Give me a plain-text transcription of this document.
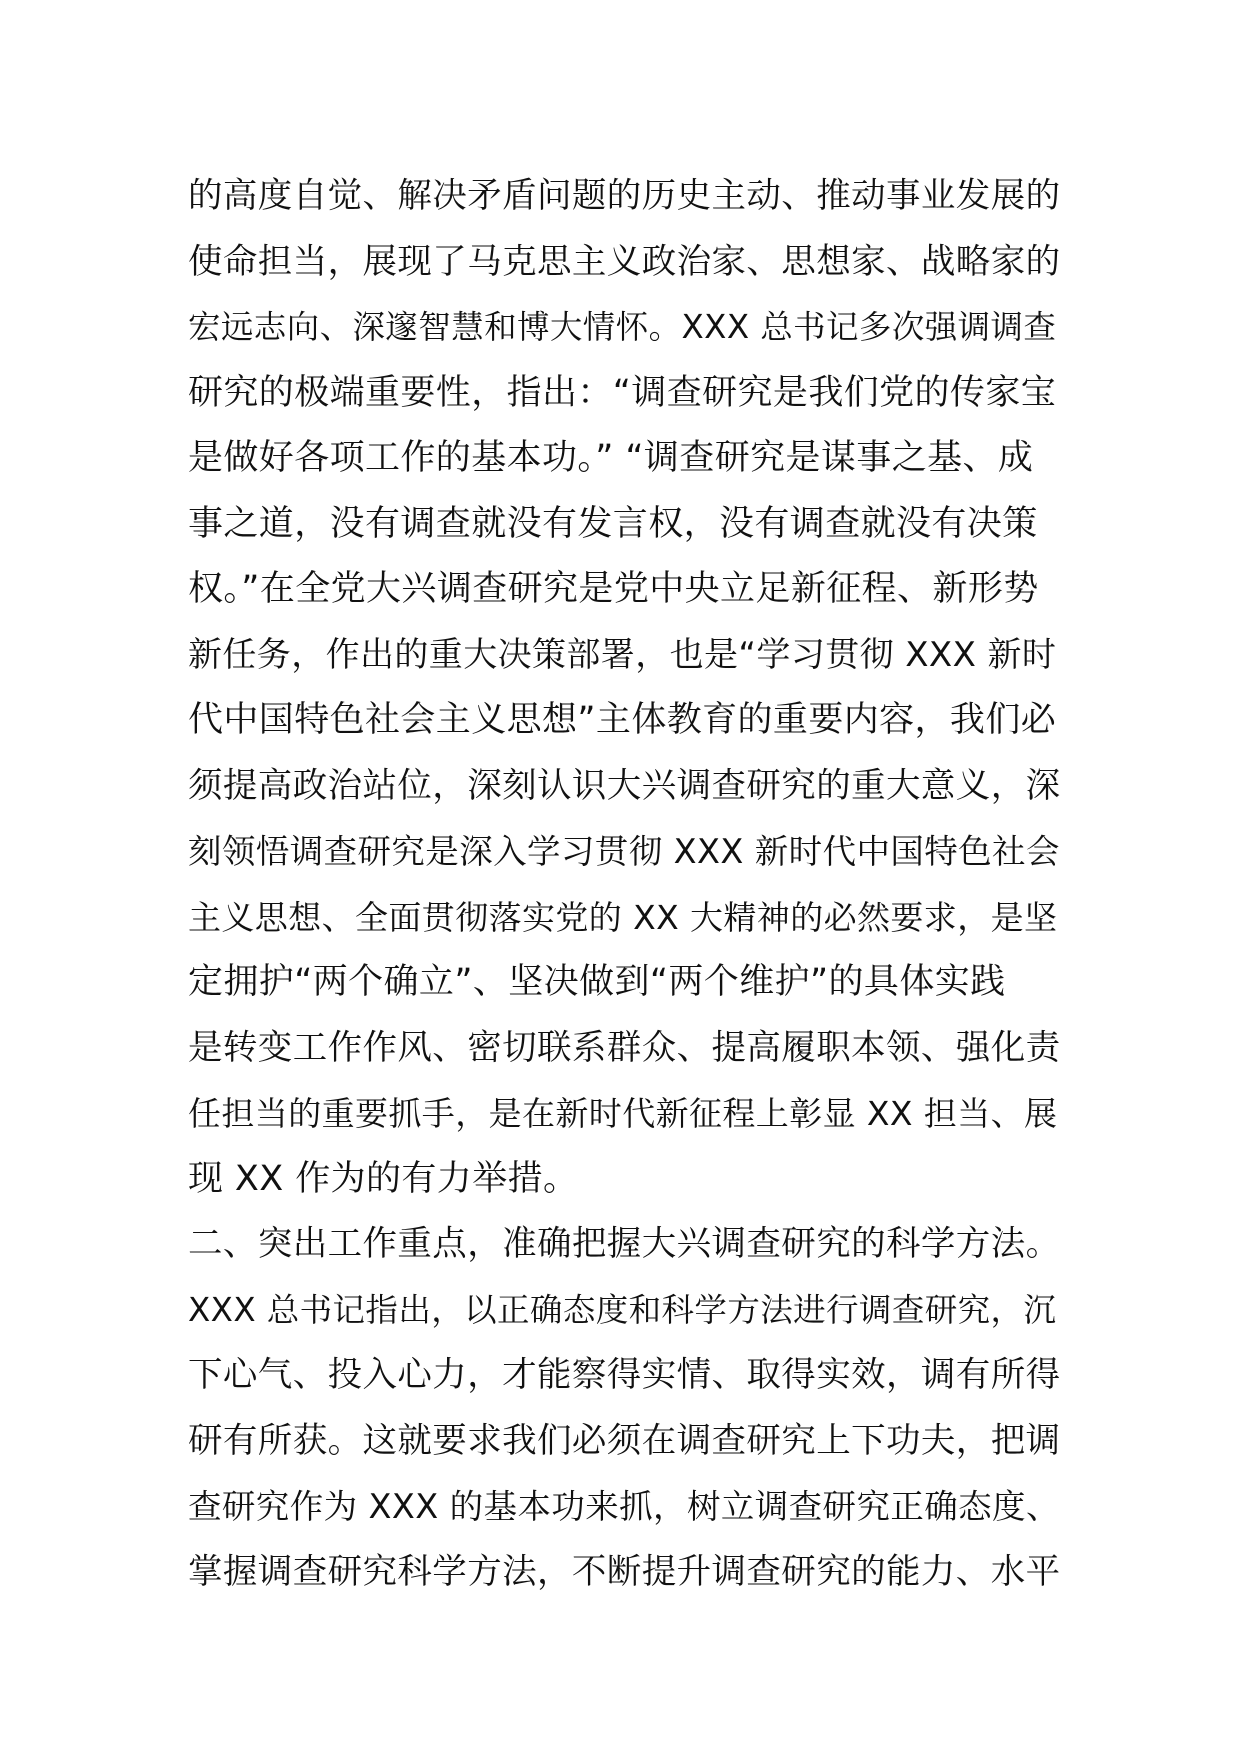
的高度自觉、解决矛盾问题的历史主动、推动事业发展的
使命担当，展现了马克思主义政治家、思想家、战略家的
宏远志向、深邃智慧和博大情怀。XXX 总书记多次强调调查
研究的极端重要性，指出：“调查研究是我们党的传家宝
是做好各项工作的基本功。” “调查研究是谋事之基、成
事之道，没有调查就没有发言权，没有调查就没有决策
权。”在全党大兴调查研究是党中央立足新征程、新形势
新任务，作出的重大决策部署，也是“学习贯彻 XXX 新时
代中国特色社会主义思想”主体教育的重要内容，我们必
须提高政治站位，深刻认识大兴调查研究的重大意义，深
刻领悟调查研究是深入学习贯彻 XXX 新时代中国特色社会
主义思想、全面贯彻落实党的 XX 大精神的必然要求，是坚
定拥护“两个确立”、坚决做到“两个维护”的具体实践
是转变工作作风、密切联系群众、提高履职本领、强化责
任担当的重要抓手，是在新时代新征程上彰显 XX 担当、展
现 XX 作为的有力举措。
二、突出工作重点，准确把握大兴调查研究的科学方法。
XXX 总书记指出，以正确态度和科学方法进行调查研究，沉
下心气、投入心力，才能察得实情、取得实效，调有所得
研有所获。这就要求我们必须在调查研究上下功夫，把调
查研究作为 XXX 的基本功来抓，树立调查研究正确态度、
掌握调查研究科学方法，不断提升调查研究的能力、水平
